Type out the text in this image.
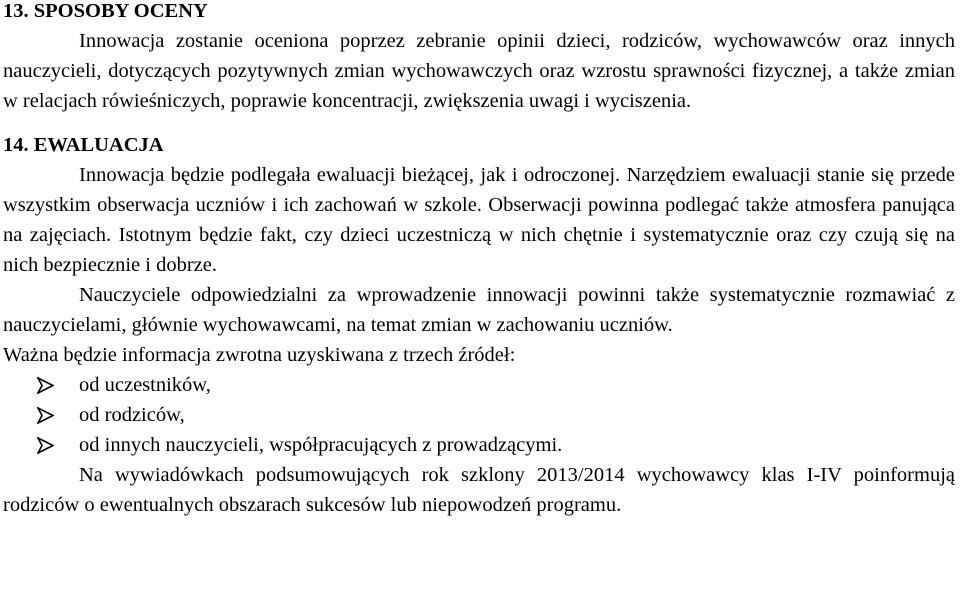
13. SPOSOBY OCENY

Innowacja zostanie oceniona poprzez zebranie opinii dzieci, rodziców, wychowawców oraz innych nauczycieli, dotyczących pozytywnych zmian wychowawczych oraz wzrostu sprawności fizycznej, a także zmian w relacjach rówieśniczych, poprawie koncentracji, zwiększenia uwagi i wyciszenia.

14. EWALUACJA

Innowacja będzie podlegała ewaluacji bieżącej, jak i odroczonej. Narzędziem ewaluacji stanie się przede wszystkim obserwacja uczniów i ich zachowań w szkole. Obserwacji powinna podlegać także atmosfera panująca na zajęciach. Istotnym będzie fakt, czy dzieci uczestniczą w nich chętnie i systematycznie oraz czy czują się na nich bezpiecznie i dobrze.

Nauczyciele odpowiedzialni za wprowadzenie innowacji powinni także systematycznie rozmawiać z nauczycielami, głównie wychowawcami, na temat zmian w zachowaniu uczniów.

Ważna będzie informacja zwrotna uzyskiwana z trzech źródeł:

od uczestników,
od rodziców,
od innych nauczycieli, współpracujących z prowadzącymi.

Na wywiadówkach podsumowujących rok szklony 2013/2014 wychowawcy klas I-IV poinformują rodziców o ewentualnych obszarach sukcesów lub niepowodzeń programu.
